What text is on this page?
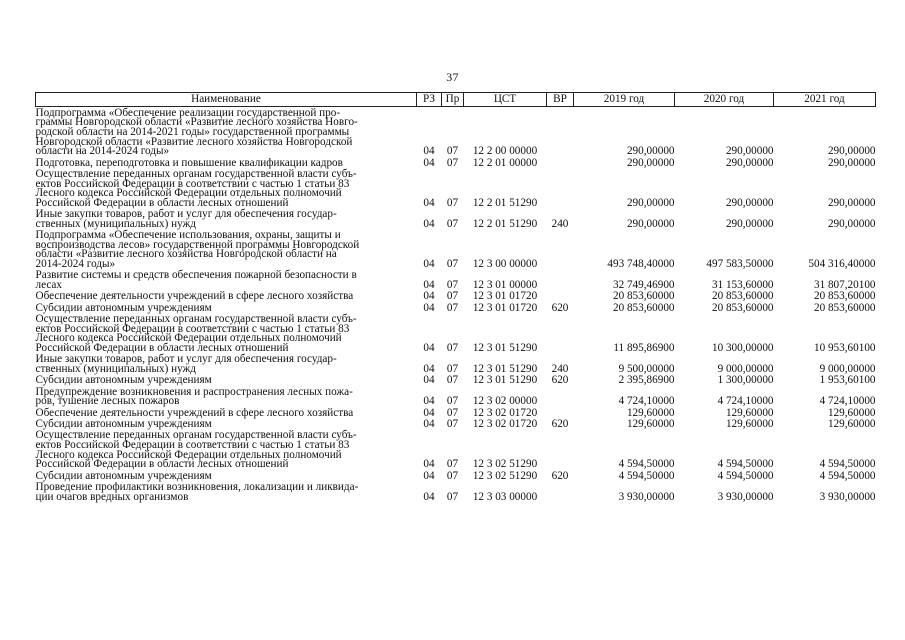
37
Наименование	РЗ	Пр	ЦСТ	ВР	2019 год	2020 год	2021 год

Подпрограмма «Обеспечение реализации государственной про-
граммы Новгородской области «Развитие лесного хозяйства Новго-
родской области на 2014-2021 годы» государственной программы
Новгородской области «Развитие лесного хозяйства Новгородской
области на 2014-2024 годы»	04	07	12 2 00 00000		290,00000	290,00000	290,00000

Подготовка, переподготовка и повышение квалификации кадров	04	07	12 2 01 00000		290,00000	290,00000	290,00000

Осуществление переданных органам государственной власти субъ-
ектов Российской Федерации в соответствии с частью 1 статьи 83
Лесного кодекса Российской Федерации отдельных полномочий
Российской Федерации в области лесных отношений	04	07	12 2 01 51290		290,00000	290,00000	290,00000

Иные закупки товаров, работ и услуг для обеспечения государ-
ственных (муниципальных) нужд	04	07	12 2 01 51290	240	290,00000	290,00000	290,00000

Подпрограмма «Обеспечение использования, охраны, защиты и
воспроизводства лесов» государственной программы Новгородской
области «Развитие лесного хозяйства Новгородской области на
2014-2024 годы»	04	07	12 3 00 00000		493 748,40000	497 583,50000	504 316,40000

Развитие системы и средств обеспечения пожарной безопасности в
лесах	04	07	12 3 01 00000		32 749,46900	31 153,60000	31 807,20100

Обеспечение деятельности учреждений в сфере лесного хозяйства	04	07	12 3 01 01720		20 853,60000	20 853,60000	20 853,60000

Субсидии автономным учреждениям	04	07	12 3 01 01720	620	20 853,60000	20 853,60000	20 853,60000

Осуществление переданных органам государственной власти субъ-
ектов Российской Федерации в соответствии с частью 1 статьи 83
Лесного кодекса Российской Федерации отдельных полномочий
Российской Федерации в области лесных отношений	04	07	12 3 01 51290		11 895,86900	10 300,00000	10 953,60100

Иные закупки товаров, работ и услуг для обеспечения государ-
ственных (муниципальных) нужд	04	07	12 3 01 51290	240	9 500,00000	9 000,00000	9 000,00000

Субсидии автономным учреждениям	04	07	12 3 01 51290	620	2 395,86900	1 300,00000	1 953,60100

Предупреждение возникновения и распространения лесных пожа-
ров, тушение лесных пожаров	04	07	12 3 02 00000		4 724,10000	4 724,10000	4 724,10000

Обеспечение деятельности учреждений в сфере лесного хозяйства	04	07	12 3 02 01720		129,60000	129,60000	129,60000

Субсидии автономным учреждениям	04	07	12 3 02 01720	620	129,60000	129,60000	129,60000

Осуществление переданных органам государственной власти субъ-
ектов Российской Федерации в соответствии с частью 1 статьи 83
Лесного кодекса Российской Федерации отдельных полномочий
Российской Федерации в области лесных отношений	04	07	12 3 02 51290		4 594,50000	4 594,50000	4 594,50000

Субсидии автономным учреждениям	04	07	12 3 02 51290	620	4 594,50000	4 594,50000	4 594,50000

Проведение профилактики возникновения, локализации и ликвида-
ции очагов вредных организмов	04	07	12 3 03 00000		3 930,00000	3 930,00000	3 930,00000
